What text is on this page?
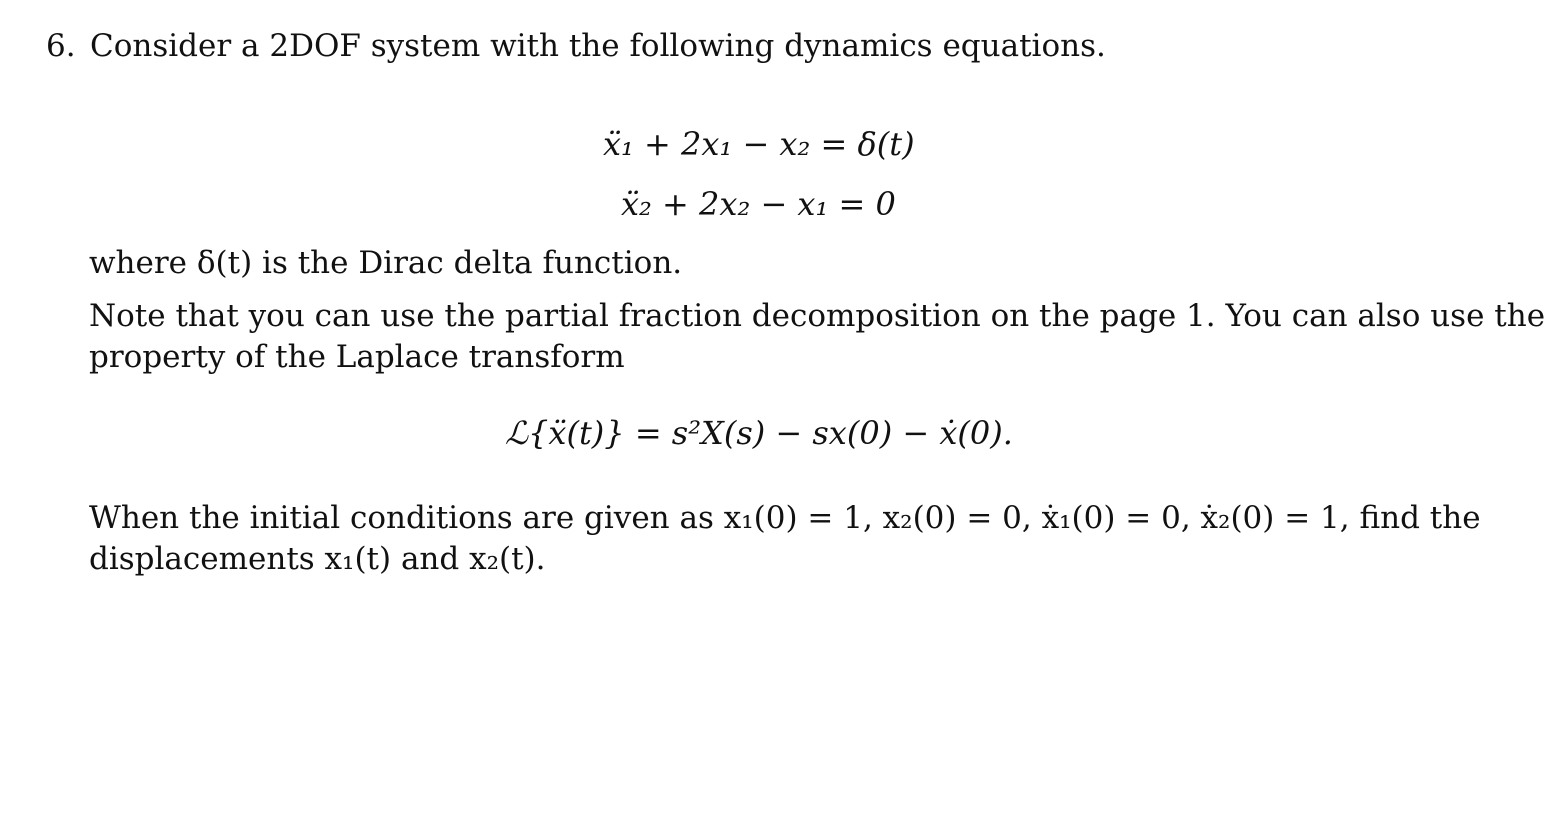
6. Consider a 2DOF system with the following dynamics equations.
ẍ₁ + 2x₁ − x₂ = δ(t)
ẍ₂ + 2x₂ − x₁ = 0
where δ(t) is the Dirac delta function.
Note that you can use the partial fraction decomposition on the page 1. You can also use the
property of the Laplace transform
ℒ{ẍ(t)} = s²X(s) − sx(0) − ẋ(0).
When the initial conditions are given as x₁(0) = 1, x₂(0) = 0, ẋ₁(0) = 0, ẋ₂(0) = 1, find the
displacements x₁(t) and x₂(t).
